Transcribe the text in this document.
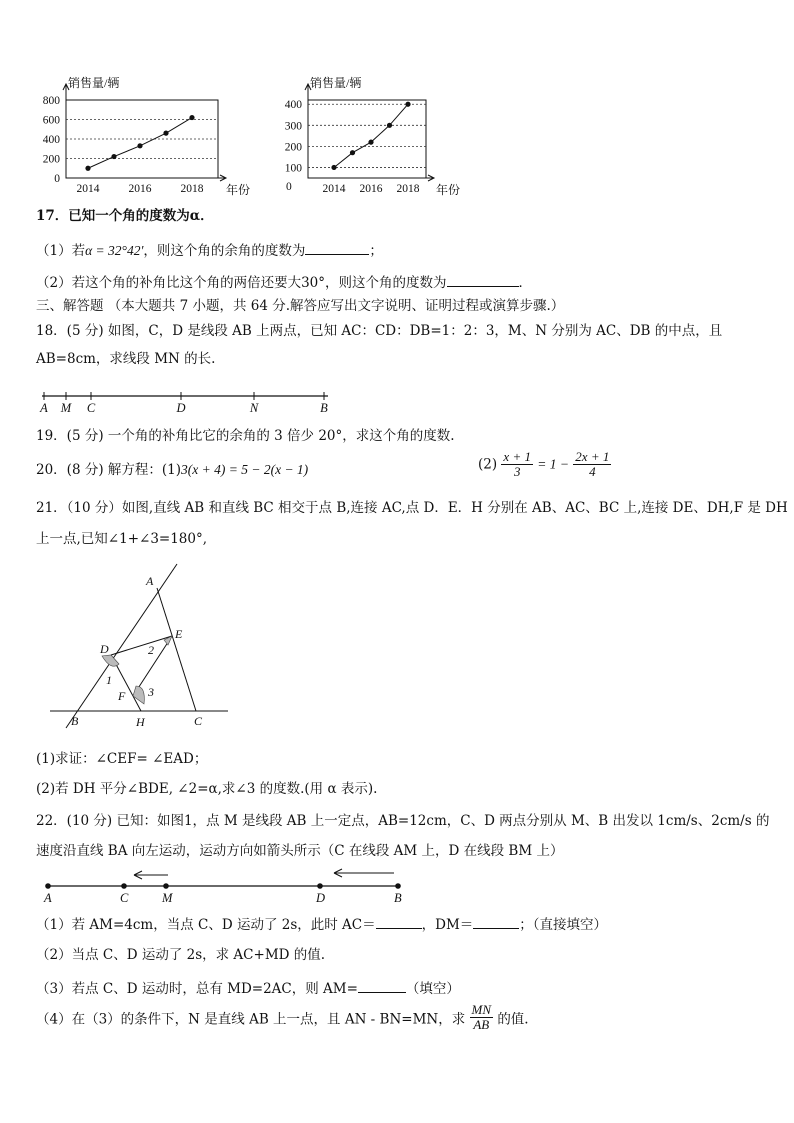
0
200
400
600
800
2014	2016	2018
销售量/辆
年份	0
100
200
300
400
2014 2016 2018
销售量/辆
年份
17．已知一个角的度数为α．
（1）若α = 32°42′，则这个角的余角的度数为	；
（2）若这个角的补角比这个角的两倍还要大30°，则这个角的度数为	．
三、解答题 （本大题共 7 小题，共 64 分.解答应写出文字说明、证明过程或演算步骤.）
18．(5 分) 如图，C，D 是线段 AB 上两点，已知 AC：CD：DB=1：2：3，M、N 分别为 AC、DB 的中点，且
AB=8cm，求线段 MN 的长.
A M C	D	N	B
19．(5 分) 一个角的补角比它的余角的 3 倍少 20°，求这个角的度数.
20．(8 分) 解方程：(1)3(x + 4) = 5 − 2(x − 1)	$(2) \frac{x + 1}{3} = 1 - \frac{2x + 1}{4}$
21．（10 分）如图,直线 AB 和直线 BC 相交于点 B,连接 AC,点 D．E．H 分别在 AB、AC、BC 上,连接 DE、DH,F 是 DH
上一点,已知∠1+∠3=180°,
A
D
E
1
2
F 3
B	H	C
(1)求证：∠CEF= ∠EAD；
(2)若 DH 平分∠BDE, ∠2=α,求∠3 的度数.(用 α 表示).
22．(10 分) 已知：如图1，点 M 是线段 AB 上一定点，AB=12cm，C、D 两点分别从 M、B 出发以 1cm/s、2cm/s 的
速度沿直线 BA 向左运动，运动方向如箭头所示（C 在线段 AM 上，D 在线段 BM 上）
A	C	M	D	B
（1）若 AM=4cm，当点 C、D 运动了 2s，此时 AC＝	，DM＝	；（直接填空）
（2）当点 C、D 运动了 2s，求 AC+MD 的值.
（3）若点 C、D 运动时，总有 MD=2AC，则 AM=	（填空）
（4）在（3）的条件下，N 是直线 AB 上一点，且 AN - BN=MN，求 $\frac{MN}{AB}$ 的值.
